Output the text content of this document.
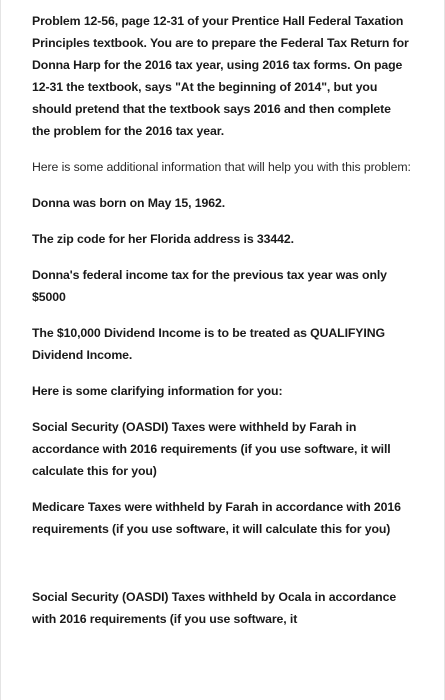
Problem 12-56, page 12-31 of your Prentice Hall Federal Taxation Principles textbook. You are to prepare the Federal Tax Return for Donna Harp for the 2016 tax year, using 2016 tax forms. On page 12-31 the textbook, says "At the beginning of 2014", but you should pretend that the textbook says 2016 and then complete the problem for the 2016 tax year.

Here is some additional information that will help you with this problem:

Donna was born on May 15, 1962.

The zip code for her Florida address is 33442.

Donna's federal income tax for the previous tax year was only $5000

The $10,000 Dividend Income is to be treated as QUALIFYING Dividend Income.

Here is some clarifying information for you:

Social Security (OASDI) Taxes were withheld by Farah in accordance with 2016 requirements (if you use software, it will calculate this for you)

Medicare Taxes were withheld by Farah in accordance with 2016 requirements (if you use software, it will calculate this for you)

Social Security (OASDI) Taxes withheld by Ocala in accordance with 2016 requirements (if you use software, it
